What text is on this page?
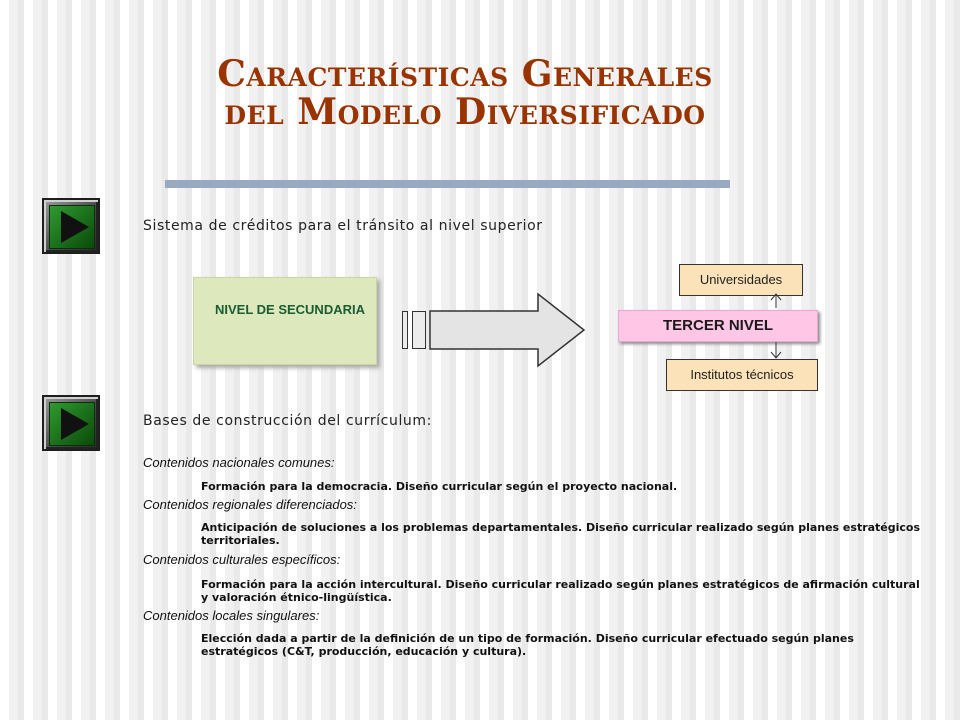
Características Generales
del Modelo Diversificado
Sistema de créditos para el tránsito al nivel superior
NIVEL DE SECUNDARIA
Universidades
TERCER NIVEL
Institutos técnicos
Bases de construcción del currículum:
Contenidos nacionales comunes:
Formación para la democracia. Diseño curricular según el proyecto nacional.
Contenidos regionales diferenciados:
Anticipación de soluciones a los problemas departamentales. Diseño curricular realizado según planes estratégicos territoriales.
Contenidos culturales específicos:
Formación para la acción intercultural. Diseño curricular realizado según planes estratégicos de afirmación cultural y valoración étnico-lingüística.
Contenidos locales singulares:
Elección dada a partir de la definición de un tipo de formación. Diseño curricular efectuado según planes estratégicos (C&T, producción, educación y cultura).
